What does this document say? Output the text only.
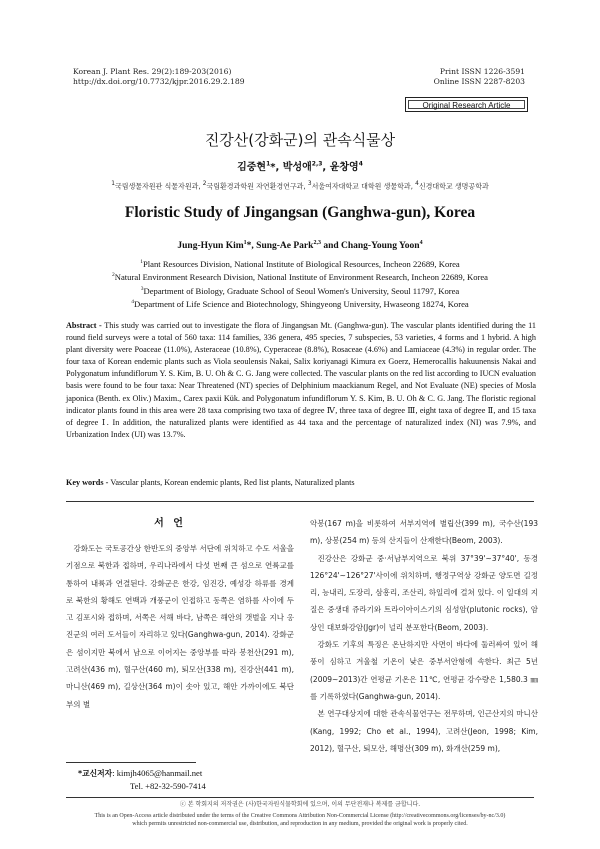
Korean J. Plant Res. 29(2):189-203(2016)
http://dx.doi.org/10.7732/kjpr.2016.29.2.189
Print ISSN 1226-3591
Online ISSN 2287-8203
Original Research Article
진강산(강화군)의 관속식물상
김중현$^1$*, 박성애$^{2,3}$, 윤창영$^4$
$^1$국립생물자원관 식물자원과, $^2$국립환경과학원 자연환경연구과, $^3$서울여자대학교 대학원 생물학과, $^4$신경대학교 생명공학과
Floristic Study of Jingangsan (Ganghwa-gun), Korea
Jung-Hyun Kim$^1$*, Sung-Ae Park$^{2,3}$ and Chang-Young Yoon$^4$
$^1$Plant Resources Division, National Institute of Biological Resources, Incheon 22689, Korea
$^2$Natural Environment Research Division, National Institute of Environment Research, Incheon 22689, Korea
$^3$Department of Biology, Graduate School of Seoul Women's University, Seoul 11797, Korea
$^4$Department of Life Science and Biotechnology, Shingyeong University, Hwaseong 18274, Korea
Abstract - This study was carried out to investigate the flora of Jingangsan Mt. (Ganghwa-gun). The vascular plants identified during the 11 round field surveys were a total of 560 taxa: 114 families, 336 genera, 495 species, 7 subspecies, 53 varieties, 4 forms and 1 hybrid. A high plant diversity were Poaceae (11.0%), Asteraceae (10.8%), Cyperaceae (8.8%), Rosaceae (4.6%) and Lamiaceae (4.3%) in regular order. The four taxa of Korean endemic plants such as Viola seoulensis Nakai, Salix koriyanagi Kimura ex Goerz, Hemerocallis hakuunensis Nakai and Polygonatum infundiflorum Y. S. Kim, B. U. Oh & C. G. Jang were collected. The vascular plants on the red list according to IUCN evaluation basis were found to be four taxa: Near Threatened (NT) species of Delphinium maackianum Regel, and Not Evaluate (NE) species of Mosla japonica (Benth. ex Oliv.) Maxim., Carex paxii Kük. and Polygonatum infundiflorum Y. S. Kim, B. U. Oh & C. G. Jang. The floristic regional indicator plants found in this area were 28 taxa comprising two taxa of degree Ⅳ, three taxa of degree Ⅲ, eight taxa of degree Ⅱ, and 15 taxa of degree Ⅰ. In addition, the naturalized plants were identified as 44 taxa and the percentage of naturalized index (NI) was 7.9%, and Urbanization Index (UI) was 13.7%.
Key words - Vascular plants, Korean endemic plants, Red list plants, Naturalized plants
서 언
강화도는 국토공간상 한반도의 중앙부 서단에 위치하고 수도 서울을 기점으로 북한과 접하며, 우리나라에서 다섯 번째 큰 섬으로 연륙교를 통하여 내륙과 연결된다. 강화군은 한강, 임진강, 예성강 하류를 경계로 북한의 황해도 연백과 개풍군이 인접하고 동쪽은 염하를 사이에 두고 김포시와 접하며, 서쪽은 서해 바다, 남쪽은 해안의 갯벌을 지나 옹진군의 여러 도서들이 자리하고 있다(Ganghwa-gun, 2014). 강화군은 섬이지만 북에서 남으로 이어지는 중앙부를 따라 봉천산(291 m), 고려산(436 m), 혈구산(460 m), 퇴모산(338 m), 진강산(441 m), 마니산(469 m), 길상산(364 m)이 솟아 있고, 해안 가까이에도 북단부의 별

악봉(167 m)을 비롯하여 서부지역에 별립산(399 m), 국수산(193 m), 상봉(254 m) 등의 산지들이 산재한다(Beom, 2003).

진강산은 강화군 중·서남부지역으로 북위 37°39'~37°40', 동경 126°24'~126°27'사이에 위치하며, 행정구역상 강화군 양도면 길정리, 능내리, 도장리, 삼흥리, 조산리, 하일리에 걸쳐 있다. 이 일대의 지질은 중생대 쥬라기와 트라이아이스기의 심성암(plutonic rocks), 암상인 대보화강암(Jgr)이 널리 분포한다(Beom, 2003).

강화도 기후의 특징은 온난하지만 사면이 바다에 둘러싸여 있어 해풍이 심하고 겨울철 기온이 낮은 중부서안형에 속한다. 최근 5년(2009~2013)간 연평균 기온은 11℃, 연평균 강수량은 1,580.3 ㎜를 기록하였다(Ganghwa-gun, 2014).

본 연구대상지에 대한 관속식물연구는 전무하며, 인근산지의 마니산(Kang, 1992; Cho et al., 1994), 고려산(Jeon, 1998; Kim, 2012), 혈구산, 퇴모산, 해명산(309 m), 화개산(259 m),

*교신저자: kimjh4065@hanmail.net
Tel. +82-32-590-7414
ⓒ 본 학회지의 저작권은 (사)한국자원식물학회에 있으며, 이의 무단전재나 복제를 금합니다.
This is an Open-Access article distributed under the terms of the Creative Commons Attribution Non-Commercial License (http://creativecommons.org/licenses/by-nc/3.0)
which permits unrestricted non-commercial use, distribution, and reproduction in any medium, provided the original work is properly cited.
